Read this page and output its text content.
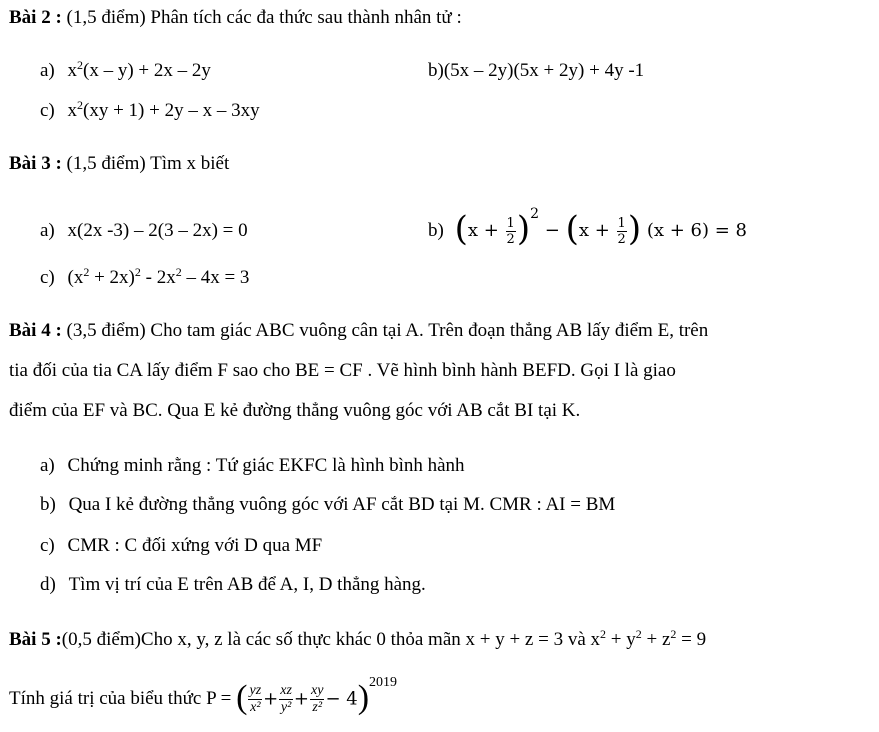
Bài 2 : (1,5 điểm) Phân tích các đa thức sau thành nhân tử :
a) $x^2(x - y) + 2x - 2y$	b)(5x – 2y)(5x + 2y) + 4y -1
c) $x^2(xy + 1) + 2y - x - 3xy$
Bài 3 : (1,5 điểm) Tìm x biết
a) x(2x -3) – 2(3 – 2x) = 0	b) $(x + \frac{1}{2} )^2 - (x + \frac{1}{2}$ ) (x + 6) = 8
c) $(x^2 + 2x)^2 - 2x^2 - 4x = 3$
Bài 4 : (3,5 điểm) Cho tam giác ABC vuông cân tại A. Trên đoạn thẳng AB lấy điểm E, trên
tia đối của tia CA lấy điểm F sao cho BE = CF . Vẽ hình bình hành BEFD. Gọi I là giao
điểm của EF và BC. Qua E kẻ đường thẳng vuông góc với AB cắt BI tại K.
a) Chứng minh rằng : Tứ giác EKFC là hình bình hành
b) Qua I kẻ đường thẳng vuông góc với AF cắt BD tại M. CMR : AI = BM
c) CMR : C đối xứng với D qua MF
d) Tìm vị trí của E trên AB để A, I, D thẳng hàng.
Bài 5 :(0,5 điểm)Cho x, y, z là các số thực khác 0 thỏa mãn x + y + z = 3 và $x^2 + y^2 + z^2 = 9$
Tính giá trị của biểu thức P = ( $\frac{yz}{\text{x²}} + \frac{xz}{\text{y²}} + \frac{xy}{\text{z²}} - 4)^{2019}$
